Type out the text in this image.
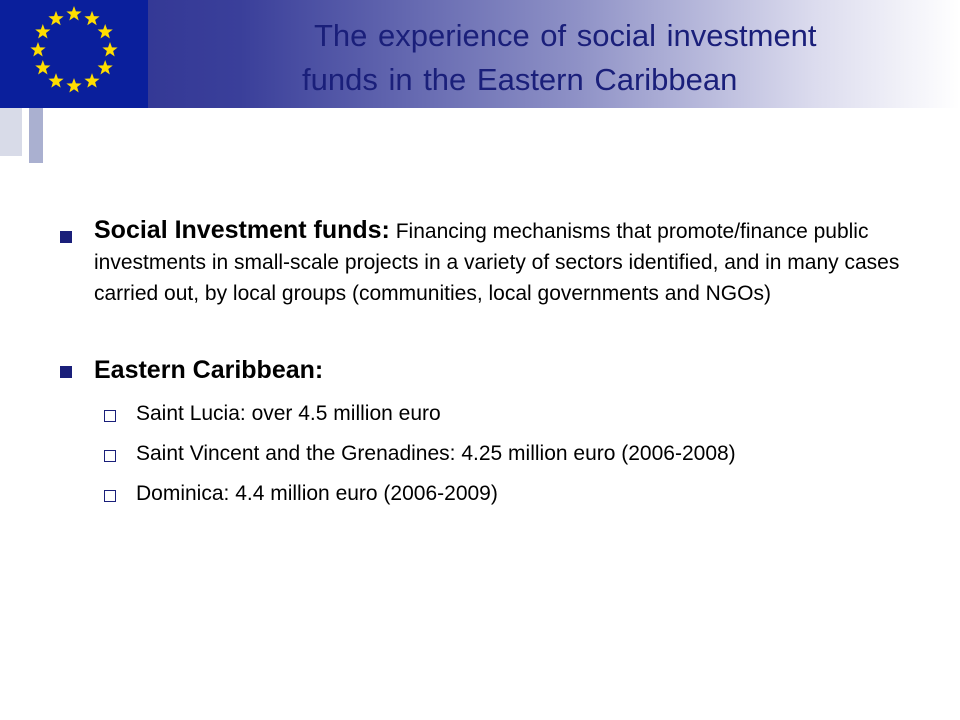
The experience of social investment
funds in the Eastern Caribbean
Social Investment funds: Financing mechanisms that promote/finance public investments in small-scale projects in a variety of sectors identified, and in many cases carried out, by local groups (communities, local governments and NGOs)
Eastern Caribbean:
Saint Lucia: over 4.5 million euro
Saint Vincent and the Grenadines: 4.25 million euro (2006-2008)
Dominica: 4.4 million euro (2006-2009)
